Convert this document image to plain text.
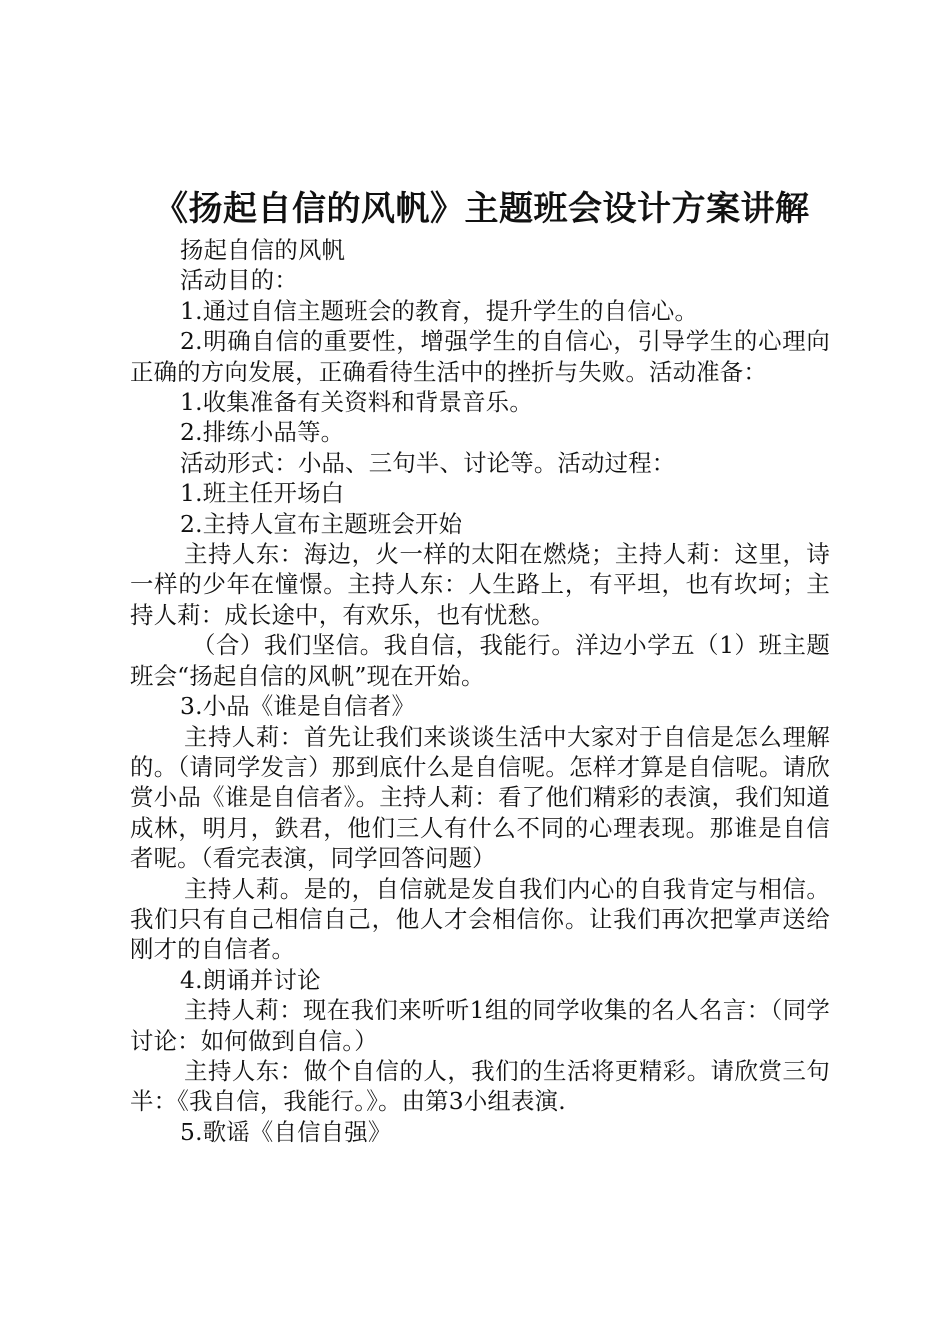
《扬起自信的风帆》主题班会设计方案讲解

扬起自信的风帆

活动目的：

1.通过自信主题班会的教育，提升学生的自信心。

2.明确自信的重要性，增强学生的自信心，引导学生的心理向正确的方向发展，正确看待生活中的挫折与失败。活动准备：

1.收集准备有关资料和背景音乐。

2.排练小品等。

活动形式：小品、三句半、讨论等。活动过程：

1.班主任开场白

2.主持人宣布主题班会开始

主持人东：海边，火一样的太阳在燃烧；主持人莉：这里，诗一样的少年在憧憬。主持人东：人生路上，有平坦，也有坎坷；主持人莉：成长途中，有欢乐，也有忧愁。

（合）我们坚信。我自信，我能行。洋边小学五（1）班主题班会“扬起自信的风帆”现在开始。

3.小品《谁是自信者》

主持人莉：首先让我们来谈谈生活中大家对于自信是怎么理解的。（请同学发言）那到底什么是自信呢。怎样才算是自信呢。请欣赏小品《谁是自信者》。主持人莉：看了他们精彩的表演，我们知道成林，明月，鉄君，他们三人有什么不同的心理表现。那谁是自信者呢。（看完表演，同学回答问题）

主持人莉。是的，自信就是发自我们内心的自我肯定与相信。我们只有自己相信自己，他人才会相信你。让我们再次把掌声送给刚才的自信者。

4.朗诵并讨论

主持人莉：现在我们来听听1组的同学收集的名人名言：（同学讨论：如何做到自信。）

主持人东：做个自信的人，我们的生活将更精彩。请欣赏三句半：《我自信，我能行。》。由第3小组表演.

5.歌谣《自信自强》
